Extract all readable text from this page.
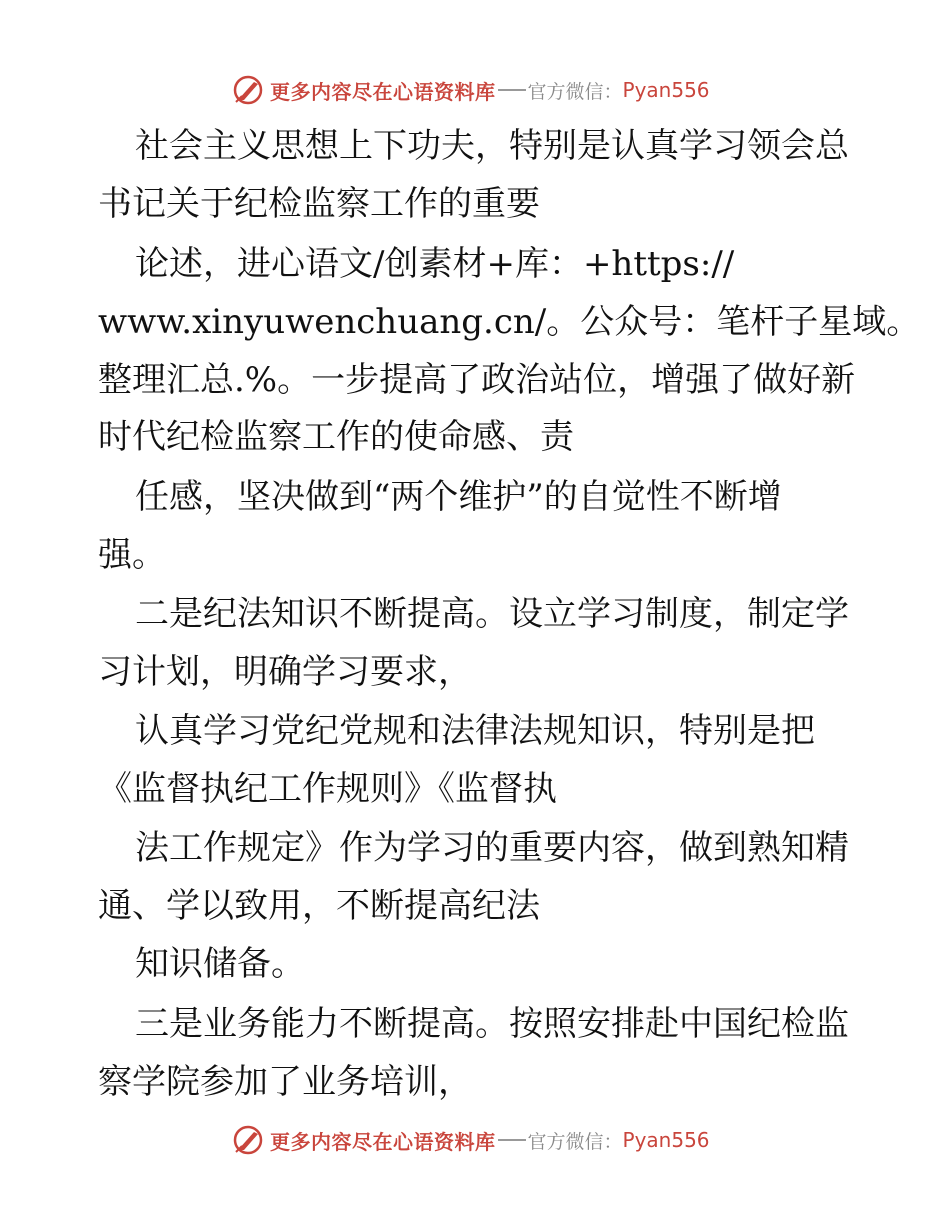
更多内容尽在心语资料库 官方微信： Pyan556
社会主义思想上下功夫，特别是认真学习领会总
书记关于纪检监察工作的重要
论述，进心语文/创素材+库：+https://
www.xinyuwenchuang.cn/。公众号：笔杆子星域。
整理汇总.%。一步提高了政治站位，增强了做好新
时代纪检监察工作的使命感、责
任感，坚决做到“两个维护”的自觉性不断增
强。
二是纪法知识不断提高。设立学习制度，制定学
习计划，明确学习要求，
认真学习党纪党规和法律法规知识，特别是把
《监督执纪工作规则》《监督执
法工作规定》作为学习的重要内容，做到熟知精
通、学以致用，不断提高纪法
知识储备。
三是业务能力不断提高。按照安排赴中国纪检监
察学院参加了业务培训，
更多内容尽在心语资料库 官方微信： Pyan556
